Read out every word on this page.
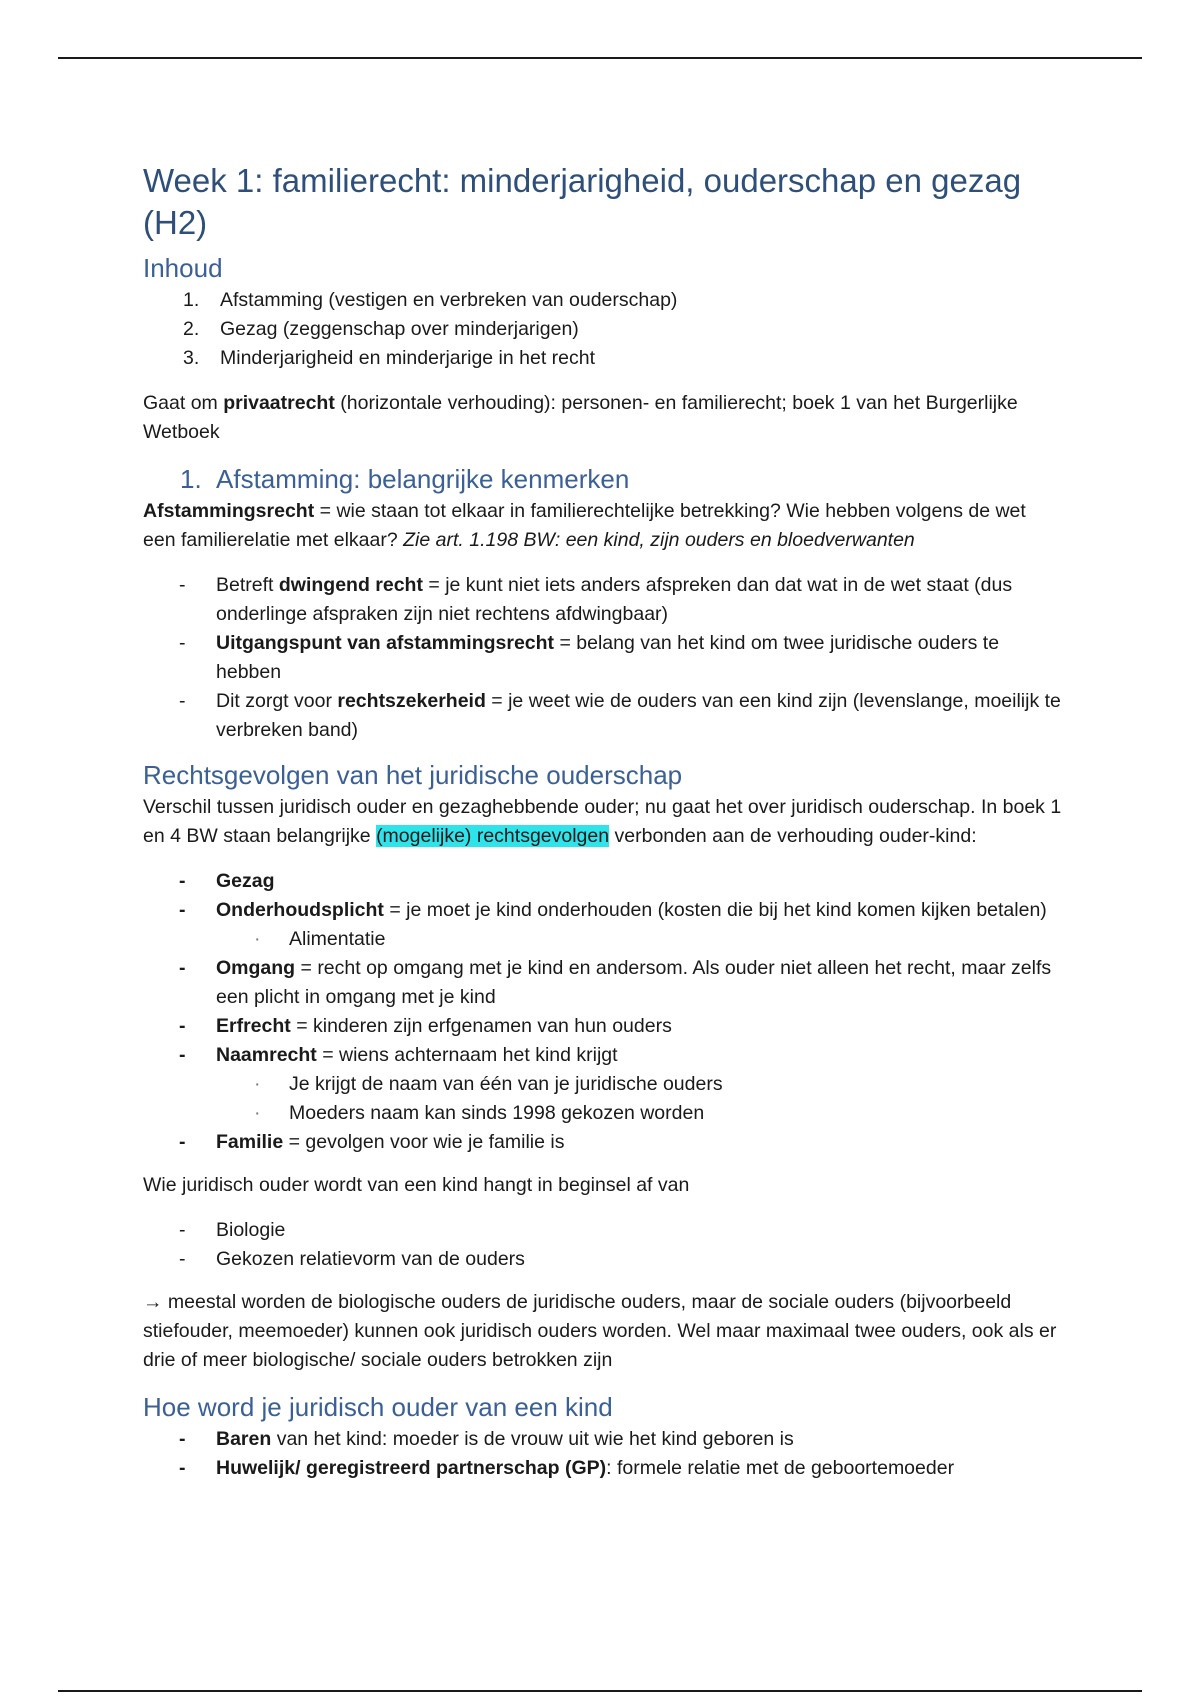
Week 1: familierecht: minderjarigheid, ouderschap en gezag (H2)
Inhoud
1. Afstamming (vestigen en verbreken van ouderschap)
2. Gezag (zeggenschap over minderjarigen)
3. Minderjarigheid en minderjarige in het recht

Gaat om privaatrecht (horizontale verhouding): personen- en familierecht; boek 1 van het Burgerlijke Wetboek

1. Afstamming: belangrijke kenmerken

Afstammingsrecht = wie staan tot elkaar in familierechtelijke betrekking? Wie hebben volgens de wet een familierelatie met elkaar? Zie art. 1.198 BW: een kind, zijn ouders en bloedverwanten

- Betreft dwingend recht = je kunt niet iets anders afspreken dan dat wat in de wet staat (dus onderlinge afspraken zijn niet rechtens afdwingbaar)
- Uitgangspunt van afstammingsrecht = belang van het kind om twee juridische ouders te hebben
- Dit zorgt voor rechtszekerheid = je weet wie de ouders van een kind zijn (levenslange, moeilijk te verbreken band)
Rechtsgevolgen van het juridische ouderschap

Verschil tussen juridisch ouder en gezaghebbende ouder; nu gaat het over juridisch ouderschap. In boek 1 en 4 BW staan belangrijke (mogelijke) rechtsgevolgen verbonden aan de verhouding ouder-kind:

- Gezag
- Onderhoudsplicht = je moet je kind onderhouden (kosten die bij het kind komen kijken betalen)
· Alimentatie
- Omgang = recht op omgang met je kind en andersom. Als ouder niet alleen het recht, maar zelfs een plicht in omgang met je kind
- Erfrecht = kinderen zijn erfgenamen van hun ouders
- Naamrecht = wiens achternaam het kind krijgt
· Je krijgt de naam van één van je juridische ouders
· Moeders naam kan sinds 1998 gekozen worden
- Familie = gevolgen voor wie je familie is

Wie juridisch ouder wordt van een kind hangt in beginsel af van

- Biologie
- Gekozen relatievorm van de ouders

→ meestal worden de biologische ouders de juridische ouders, maar de sociale ouders (bijvoorbeeld stiefouder, meemoeder) kunnen ook juridisch ouders worden. Wel maar maximaal twee ouders, ook als er drie of meer biologische/ sociale ouders betrokken zijn

Hoe word je juridisch ouder van een kind
- Baren van het kind: moeder is de vrouw uit wie het kind geboren is
- Huwelijk/ geregistreerd partnerschap (GP): formele relatie met de geboortemoeder
